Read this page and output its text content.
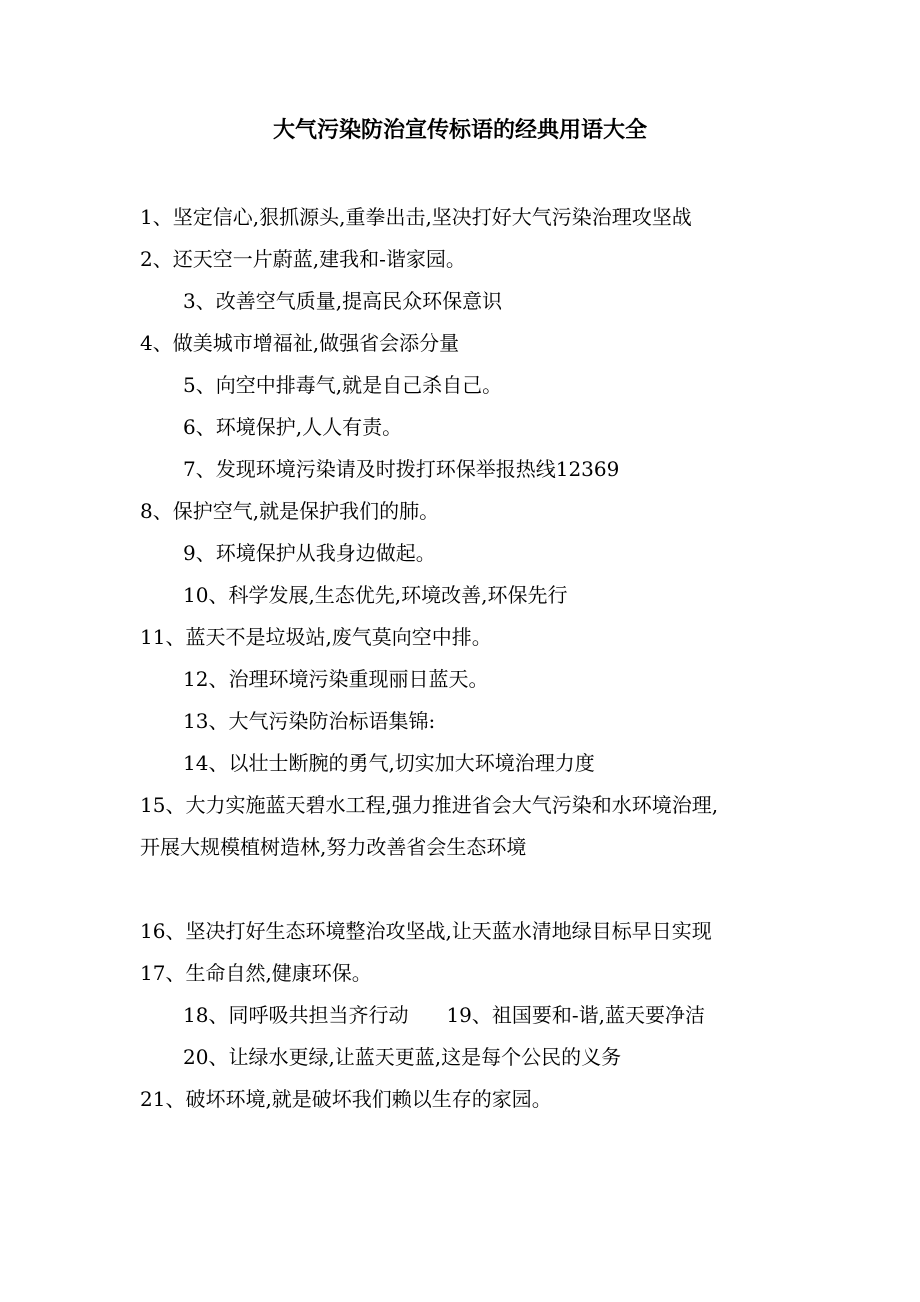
大气污染防治宣传标语的经典用语大全
1、坚定信心,狠抓源头,重拳出击,坚决打好大气污染治理攻坚战
2、还天空一片蔚蓝,建我和-谐家园。
3、改善空气质量,提高民众环保意识
4、做美城市增福祉,做强省会添分量
5、向空中排毒气,就是自己杀自己。
6、环境保护,人人有责。
7、发现环境污染请及时拨打环保举报热线12369
8、保护空气,就是保护我们的肺。
9、环境保护从我身边做起。
10、科学发展,生态优先,环境改善,环保先行
11、蓝天不是垃圾站,废气莫向空中排。
12、治理环境污染重现丽日蓝天。
13、大气污染防治标语集锦:
14、以壮士断腕的勇气,切实加大环境治理力度
15、大力实施蓝天碧水工程,强力推进省会大气污染和水环境治理,
开展大规模植树造林,努力改善省会生态环境
16、坚决打好生态环境整治攻坚战,让天蓝水清地绿目标早日实现
17、生命自然,健康环保。
18、同呼吸共担当齐行动 19、祖国要和-谐,蓝天要净洁
20、让绿水更绿,让蓝天更蓝,这是每个公民的义务
21、破坏环境,就是破坏我们赖以生存的家园。
